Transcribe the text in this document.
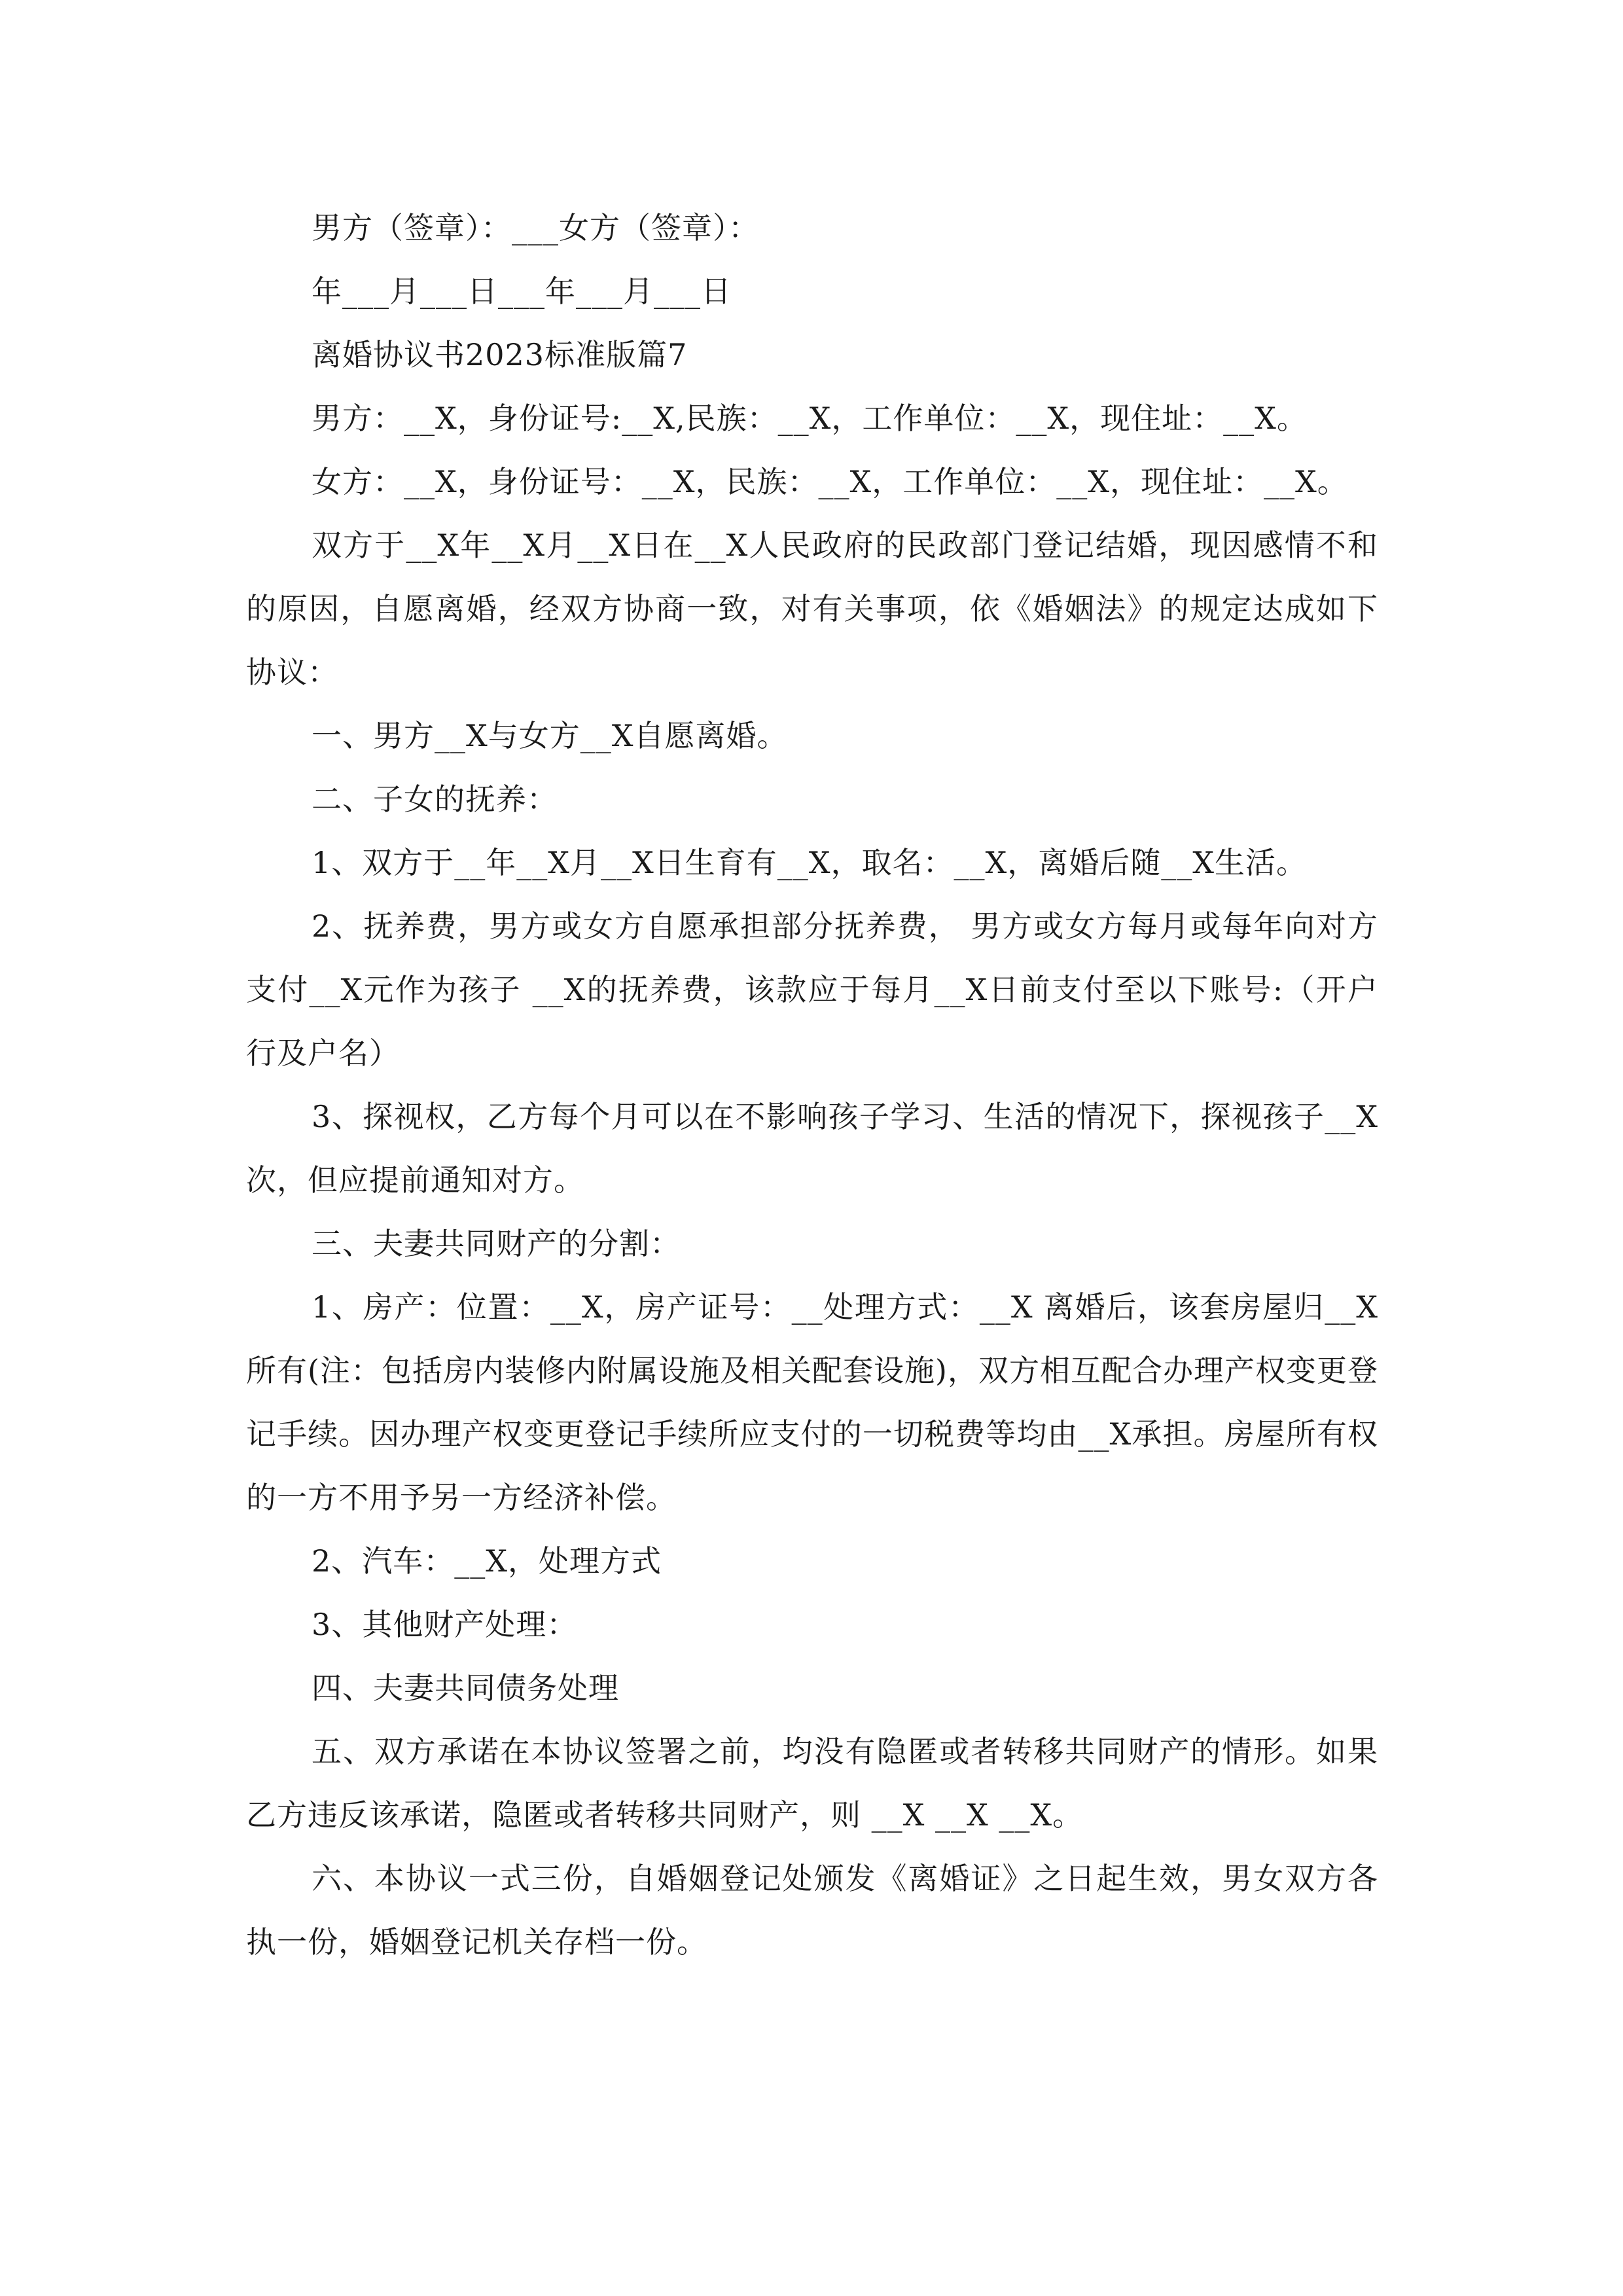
男方（签章）：___女方（签章）：
年___月___日___年___月___日
离婚协议书2023标准版篇7
男方：__X，身份证号:__X,民族：__X，工作单位：__X，现住址：__X。

女方：__X，身份证号：__X，民族：__X，工作单位：__X，现住址：__X。

双方于__X年__X月__X日在__X人民政府的民政部门登记结婚，现因感情不和的原因，自愿离婚，经双方协商一致，对有关事项，依《婚姻法》的规定达成如下协议：

一、男方__X与女方__X自愿离婚。

二、子女的抚养：

1、双方于__年__X月__X日生育有__X，取名：__X，离婚后随__X生活。

2、抚养费，男方或女方自愿承担部分抚养费， 男方或女方每月或每年向对方支付__X元作为孩子 __X的抚养费，该款应于每月__X日前支付至以下账号:（开户行及户名）

3、探视权，乙方每个月可以在不影响孩子学习、生活的情况下，探视孩子__X次，但应提前通知对方。

三、夫妻共同财产的分割：

1、房产：位置：__X，房产证号：__处理方式：__X 离婚后，该套房屋归__X所有(注：包括房内装修内附属设施及相关配套设施)，双方相互配合办理产权变更登记手续。因办理产权变更登记手续所应支付的一切税费等均由__X承担。房屋所有权的一方不用予另一方经济补偿。

2、汽车：__X，处理方式

3、其他财产处理：

四、夫妻共同债务处理

五、双方承诺在本协议签署之前，均没有隐匿或者转移共同财产的情形。如果乙方违反该承诺，隐匿或者转移共同财产，则 __X __X __X。

六、本协议一式三份，自婚姻登记处颁发《离婚证》之日起生效，男女双方各执一份，婚姻登记机关存档一份。
